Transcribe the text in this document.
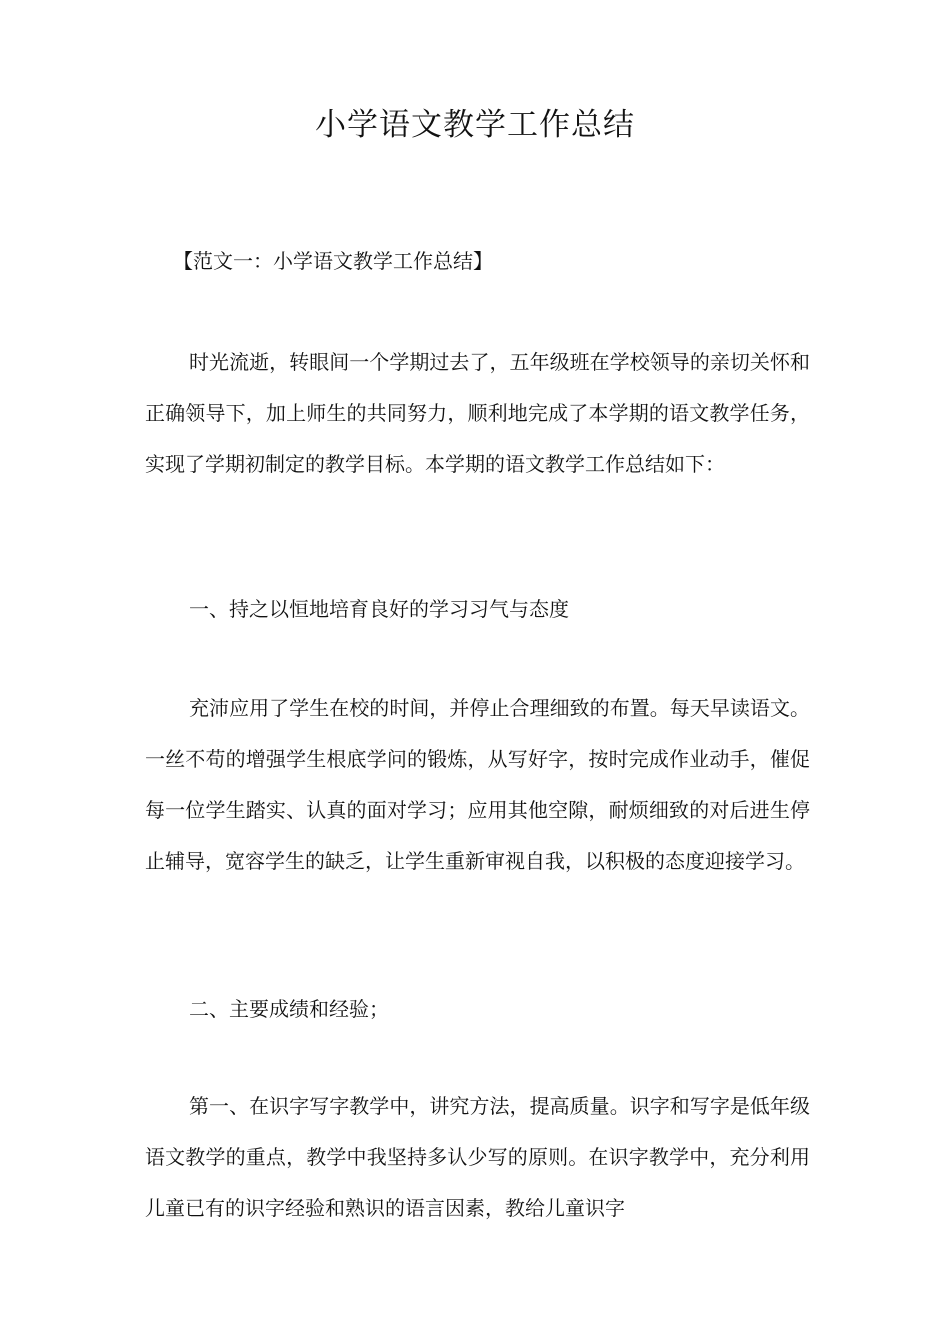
小学语文教学工作总结
【范文一：小学语文教学工作总结】
时光流逝，转眼间一个学期过去了，五年级班在学校领导的亲切关怀和正确领导下，加上师生的共同努力，顺利地完成了本学期的语文教学任务，实现了学期初制定的教学目标。本学期的语文教学工作总结如下：
一、持之以恒地培育良好的学习习气与态度
充沛应用了学生在校的时间，并停止合理细致的布置。每天早读语文。一丝不苟的增强学生根底学问的锻炼，从写好字，按时完成作业动手，催促每一位学生踏实、认真的面对学习；应用其他空隙，耐烦细致的对后进生停止辅导，宽容学生的缺乏，让学生重新审视自我，以积极的态度迎接学习。
二、主要成绩和经验；
第一、在识字写字教学中，讲究方法，提高质量。识字和写字是低年级语文教学的重点，教学中我坚持多认少写的原则。在识字教学中，充分利用儿童已有的识字经验和熟识的语言因素，教给儿童识字
